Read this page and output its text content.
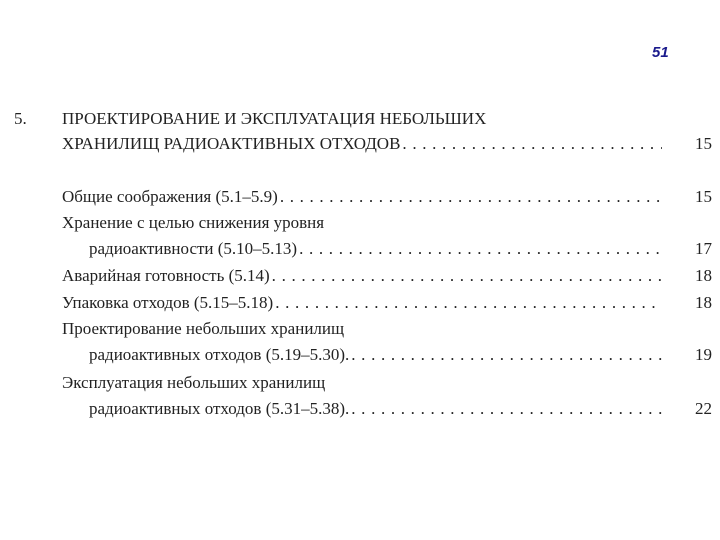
51
5. ПРОЕКТИРОВАНИЕ И ЭКСПЛУАТАЦИЯ НЕБОЛЬШИХ
ХРАНИЛИЩ РАДИОАКТИВНЫХ ОТХОДОВ . . .	15
Общие соображения (5.1–5.9) . . .	15
Хранение с целью снижения уровня
радиоактивности (5.10–5.13) . . .	17
Аварийная готовность (5.14) . . .	18
Упаковка отходов (5.15–5.18) . . .	18
Проектирование небольших хранилищ
радиоактивных отходов (5.19–5.30). . . .	19
Эксплуатация небольших хранилищ
радиоактивных отходов (5.31–5.38). . . .	22
